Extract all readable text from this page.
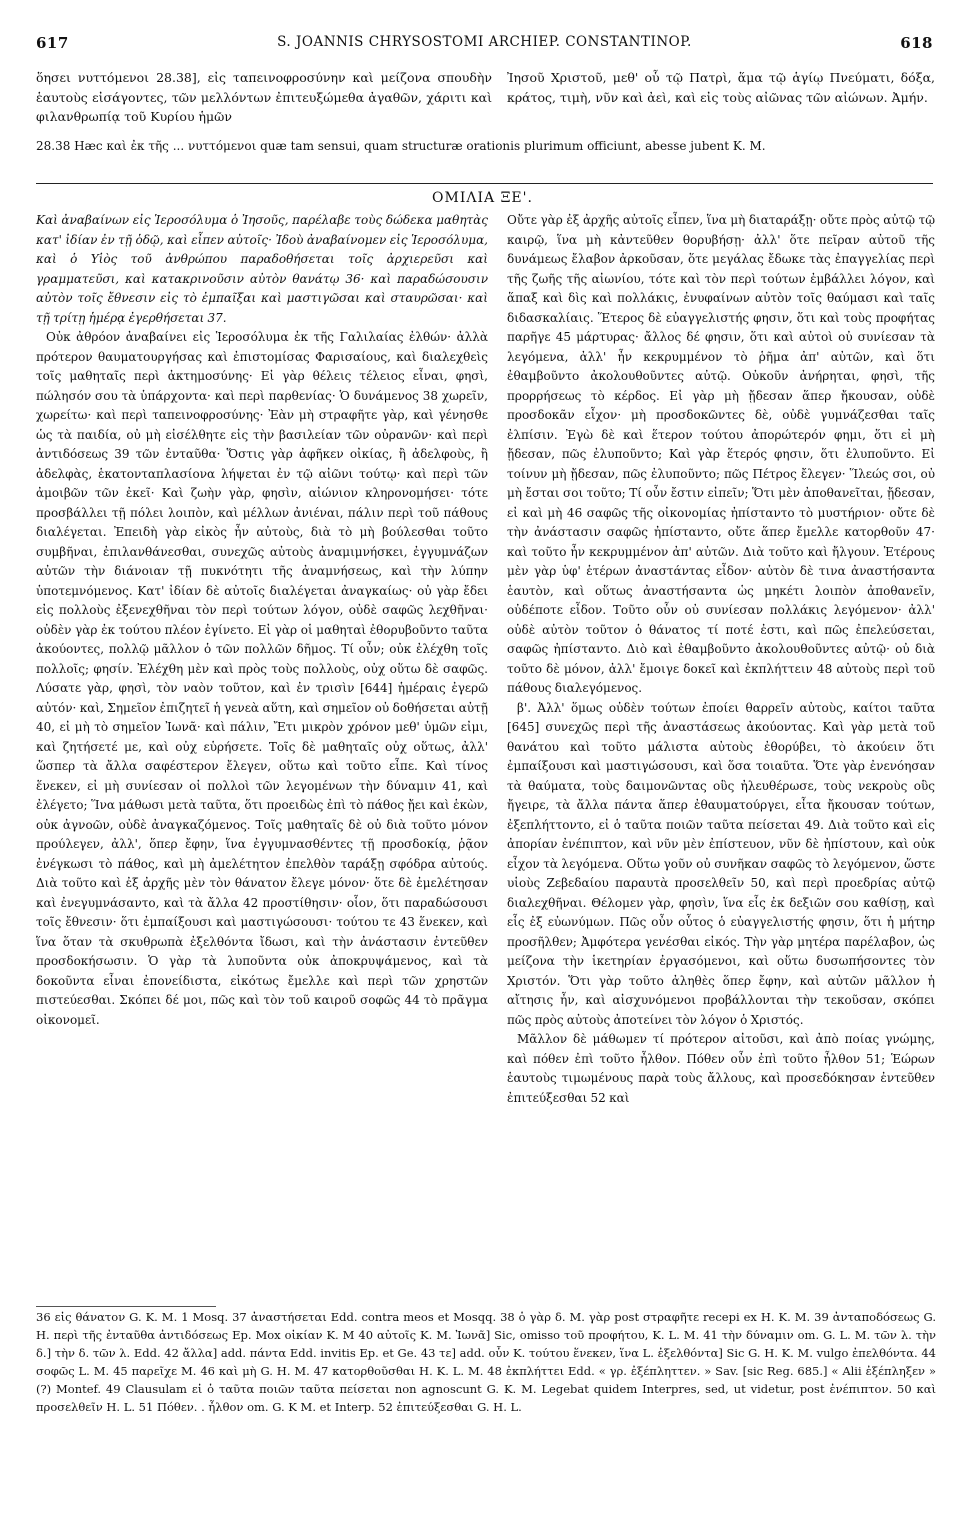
617	S. JOANNIS CHRYSOSTOMI ARCHIEP. CONSTANTINOP.	618
ὅησει νυττόμενοι 28.38], εἰς ταπεινοφροσύνην καὶ μείζονα σπουδὴν ἑαυτοὺς εἰσάγοντες, τῶν μελλόντων ἐπιτευξώμεθα ἀγαθῶν, χάριτι καὶ φιλανθρωπίᾳ τοῦ Κυρίου ἡμῶν
Ἰησοῦ Χριστοῦ, μεθ' οὗ τῷ Πατρὶ, ἅμα τῷ ἁγίῳ Πνεύματι, δόξα, κράτος, τιμὴ, νῦν καὶ ἀεὶ, καὶ εἰς τοὺς αἰῶνας τῶν αἰώνων. Ἀμήν.
28.38 Hæc καὶ ἐκ τῆς ... νυττόμενοι quæ tam sensui, quam structuræ orationis plurimum officiunt, abesse jubent K. M.
ΟΜΙΛΙΑ ΞΕ'.

Καὶ ἀναβαίνων εἰς Ἱεροσόλυμα ὁ Ἰησοῦς, παρέλαβε τοὺς δώδεκα μαθητὰς κατ' ἰδίαν ἐν τῇ ὁδῷ, καὶ εἶπεν αὐτοῖς· Ἰδοὺ ἀναβαίνομεν εἰς Ἱεροσόλυμα, καὶ ὁ Υἱὸς τοῦ ἀνθρώπου παραδοθήσεται τοῖς ἀρχιερεῦσι καὶ γραμματεῦσι, καὶ κατακρινοῦσιν αὐτὸν θανάτῳ 36· καὶ παραδώσουσιν αὐτὸν τοῖς ἔθνεσιν εἰς τὸ ἐμπαῖξαι καὶ μαστιγῶσαι καὶ σταυρῶσαι· καὶ τῇ τρίτῃ ἡμέρᾳ ἐγερθήσεται 37.

Οὐκ ἀθρόον ἀναβαίνει εἰς Ἱεροσόλυμα ἐκ τῆς Γαλιλαίας ἐλθών· ἀλλὰ πρότερον θαυματουργήσας καὶ ἐπιστομίσας Φαρισαίους, καὶ διαλεχθεὶς τοῖς μαθηταῖς περὶ ἀκτημοσύνης· Εἰ γὰρ θέλεις τέλειος εἶναι, φησὶ, πώλησόν σου τὰ ὑπάρχοντα· καὶ περὶ παρθενίας· Ὁ δυνάμενος 38 χωρεῖν, χωρείτω· καὶ περὶ ταπεινοφροσύνης· Ἐὰν μὴ στραφῆτε γὰρ, καὶ γένησθε ὡς τὰ παιδία, οὐ μὴ εἰσέλθητε εἰς τὴν βασιλείαν τῶν οὐρανῶν· καὶ περὶ ἀντιδόσεως 39 τῶν ἐνταῦθα· Ὅστις γὰρ ἀφῆκεν οἰκίας, ἢ ἀδελφοὺς, ἢ ἀδελφὰς, ἑκατονταπλασίονα λήψεται ἐν τῷ αἰῶνι τούτῳ· καὶ περὶ τῶν ἀμοιβῶν τῶν ἐκεῖ· Καὶ ζωὴν γὰρ, φησὶν, αἰώνιον κληρονομήσει· τότε προσβάλλει τῇ πόλει λοιπὸν, καὶ μέλλων ἀνιέναι, πάλιν περὶ τοῦ πάθους διαλέγεται. Ἐπειδὴ γὰρ εἰκὸς ἦν αὐτοὺς, διὰ τὸ μὴ βούλεσθαι τοῦτο συμβῆναι, ἐπιλανθάνεσθαι, συνεχῶς αὐτοὺς ἀναμιμνήσκει, ἐγγυμνάζων αὐτῶν τὴν διάνοιαν τῇ πυκνότητι τῆς ἀναμνήσεως, καὶ τὴν λύπην ὑποτεμνόμενος. Κατ' ἰδίαν δὲ αὐτοῖς διαλέγεται ἀναγκαίως· οὐ γὰρ ἔδει εἰς πολλοὺς ἐξενεχθῆναι τὸν περὶ τούτων λόγον, οὐδὲ σαφῶς λεχθῆναι· οὐδὲν γὰρ ἐκ τούτου πλέον ἐγίνετο. Εἰ γὰρ οἱ μαθηταὶ ἐθορυβοῦντο ταῦτα ἀκούοντες, πολλῷ μᾶλλον ὁ τῶν πολλῶν δῆμος. Τί οὖν; οὐκ ἐλέχθη τοῖς πολλοῖς; φησίν. Ἐλέχθη μὲν καὶ πρὸς τοὺς πολλοὺς, οὐχ οὕτω δὲ σαφῶς. Λύσατε γὰρ, φησὶ, τὸν ναὸν τοῦτον, καὶ ἐν τρισὶν [644] ἡμέραις ἐγερῶ αὐτόν· καὶ, Σημεῖον ἐπιζητεῖ ἡ γενεὰ αὕτη, καὶ σημεῖον οὐ δοθήσεται αὐτῇ 40, εἰ μὴ τὸ σημεῖον Ἰωνᾶ· καὶ πάλιν, Ἔτι μικρὸν χρόνον μεθ' ὑμῶν εἰμι, καὶ ζητήσετέ με, καὶ οὐχ εὑρήσετε. Τοῖς δὲ μαθηταῖς οὐχ οὕτως, ἀλλ' ὥσπερ τὰ ἄλλα σαφέστερον ἔλεγεν, οὕτω καὶ τοῦτο εἶπε. Καὶ τίνος ἕνεκεν, εἰ μὴ συνίεσαν οἱ πολλοὶ τῶν λεγομένων τὴν δύναμιν 41, καὶ ἐλέγετο; Ἵνα μάθωσι μετὰ ταῦτα, ὅτι προειδὼς ἐπὶ τὸ πάθος ᾔει καὶ ἑκὼν, οὐκ ἀγνοῶν, οὐδὲ ἀναγκαζόμενος. Τοῖς μαθηταῖς δὲ οὐ διὰ τοῦτο μόνον προύλεγεν, ἀλλ', ὅπερ ἔφην, ἵνα ἐγγυμνασθέντες τῇ προσδοκίᾳ, ῥᾷον ἐνέγκωσι τὸ πάθος, καὶ μὴ ἀμελέτητον ἐπελθὸν ταράξῃ σφόδρα αὐτούς. Διὰ τοῦτο καὶ ἐξ ἀρχῆς μὲν τὸν θάνατον ἔλεγε μόνον· ὅτε δὲ ἐμελέτησαν καὶ ἐνεγυμνάσαντο, καὶ τὰ ἄλλα 42 προστίθησιν· οἷον, ὅτι παραδώσουσι τοῖς ἔθνεσιν· ὅτι ἐμπαίξουσι καὶ μαστιγώσουσι· τούτου τε 43 ἕνεκεν, καὶ ἵνα ὅταν τὰ σκυθρωπὰ ἐξελθόντα ἴδωσι, καὶ τὴν ἀνάστασιν ἐντεῦθεν προσδοκήσωσιν. Ὁ γὰρ τὰ λυποῦντα οὐκ ἀποκρυψάμενος, καὶ τὰ δοκοῦντα εἶναι ἐπονείδιστα, εἰκότως ἔμελλε καὶ περὶ τῶν χρηστῶν πιστεύεσθαι. Σκόπει δέ μοι, πῶς καὶ τὸν τοῦ καιροῦ σοφῶς 44 τὸ πρᾶγμα οἰκονομεῖ.

Οὔτε γὰρ ἐξ ἀρχῆς αὐτοῖς εἶπεν, ἵνα μὴ διαταράξῃ· οὔτε πρὸς αὐτῷ τῷ καιρῷ, ἵνα μὴ κἀντεῦθεν θορυβήσῃ· ἀλλ' ὅτε πεῖραν αὐτοῦ τῆς δυνάμεως ἔλαβον ἀρκοῦσαν, ὅτε μεγάλας ἔδωκε τὰς ἐπαγγελίας περὶ τῆς ζωῆς τῆς αἰωνίου, τότε καὶ τὸν περὶ τούτων ἐμβάλλει λόγον, καὶ ἅπαξ καὶ δὶς καὶ πολλάκις, ἐνυφαίνων αὐτὸν τοῖς θαύμασι καὶ ταῖς διδασκαλίαις. Ἕτερος δὲ εὐαγγελιστής φησιν, ὅτι καὶ τοὺς προφήτας παρῆγε 45 μάρτυρας· ἄλλος δέ φησιν, ὅτι καὶ αὐτοὶ οὐ συνίεσαν τὰ λεγόμενα, ἀλλ' ἦν κεκρυμμένον τὸ ῥῆμα ἀπ' αὐτῶν, καὶ ὅτι ἐθαμβοῦντο ἀκολουθοῦντες αὐτῷ. Οὐκοῦν ἀνήρηται, φησὶ, τῆς προρρήσεως τὸ κέρδος. Εἰ γὰρ μὴ ᾔδεσαν ἅπερ ἤκουσαν, οὐδὲ προσδοκᾶν εἶχον· μὴ προσδοκῶντες δὲ, οὐδὲ γυμνάζεσθαι ταῖς ἐλπίσιν. Ἐγὼ δὲ καὶ ἕτερον τούτου ἀπορώτερόν φημι, ὅτι εἰ μὴ ᾔδεσαν, πῶς ἐλυποῦντο; Καὶ γὰρ ἕτερός φησιν, ὅτι ἐλυποῦντο. Εἰ τοίνυν μὴ ᾔδεσαν, πῶς ἐλυποῦντο; πῶς Πέτρος ἔλεγεν· Ἵλεώς σοι, οὐ μὴ ἔσται σοι τοῦτο; Τί οὖν ἔστιν εἰπεῖν; Ὅτι μὲν ἀποθανεῖται, ᾔδεσαν, εἰ καὶ μὴ 46 σαφῶς τῆς οἰκονομίας ἠπίσταντο τὸ μυστήριον· οὔτε δὲ τὴν ἀνάστασιν σαφῶς ἠπίσταντο, οὔτε ἅπερ ἔμελλε κατορθοῦν 47· καὶ τοῦτο ἦν κεκρυμμένον ἀπ' αὐτῶν. Διὰ τοῦτο καὶ ἤλγουν. Ἑτέρους μὲν γὰρ ὑφ' ἑτέρων ἀναστάντας εἶδον· αὐτὸν δὲ τινα ἀναστήσαντα ἑαυτὸν, καὶ οὕτως ἀναστήσαντα ὡς μηκέτι λοιπὸν ἀποθανεῖν, οὐδέποτε εἶδον. Τοῦτο οὖν οὐ συνίεσαν πολλάκις λεγόμενον· ἀλλ' οὐδὲ αὐτὸν τοῦτον ὁ θάνατος τί ποτέ ἐστι, καὶ πῶς ἐπελεύσεται, σαφῶς ἠπίσταντο. Διὸ καὶ ἐθαμβοῦντο ἀκολουθοῦντες αὐτῷ· οὐ διὰ τοῦτο δὲ μόνον, ἀλλ' ἔμοιγε δοκεῖ καὶ ἐκπλήττειν 48 αὐτοὺς περὶ τοῦ πάθους διαλεγόμενος.

β'. Ἀλλ' ὅμως οὐδὲν τούτων ἐποίει θαρρεῖν αὐτοὺς, καίτοι ταῦτα [645] συνεχῶς περὶ τῆς ἀναστάσεως ἀκούοντας. Καὶ γὰρ μετὰ τοῦ θανάτου καὶ τοῦτο μάλιστα αὐτοὺς ἐθορύβει, τὸ ἀκούειν ὅτι ἐμπαίξουσι καὶ μαστιγώσουσι, καὶ ὅσα τοιαῦτα. Ὅτε γὰρ ἐνενόησαν τὰ θαύματα, τοὺς δαιμονῶντας οὓς ἠλευθέρωσε, τοὺς νεκροὺς οὓς ἤγειρε, τὰ ἄλλα πάντα ἅπερ ἐθαυματούργει, εἶτα ἤκουσαν τούτων, ἐξεπλήττοντο, εἰ ὁ ταῦτα ποιῶν ταῦτα πείσεται 49. Διὰ τοῦτο καὶ εἰς ἀπορίαν ἐνέπιπτον, καὶ νῦν μὲν ἐπίστευον, νῦν δὲ ἠπίστουν, καὶ οὐκ εἶχον τὰ λεγόμενα. Οὕτω γοῦν οὐ συνῆκαν σαφῶς τὸ λεγόμενον, ὥστε υἱοὺς Ζεβεδαίου παραυτὰ προσελθεῖν 50, καὶ περὶ προεδρίας αὐτῷ διαλεχθῆναι. Θέλομεν γὰρ, φησὶν, ἵνα εἷς ἐκ δεξιῶν σου καθίσῃ, καὶ εἷς ἐξ εὐωνύμων. Πῶς οὖν οὗτος ὁ εὐαγγελιστής φησιν, ὅτι ἡ μήτηρ προσῆλθεν; Ἀμφότερα γενέσθαι εἰκός. Τὴν γὰρ μητέρα παρέλαβον, ὡς μείζονα τὴν ἱκετηρίαν ἐργασόμενοι, καὶ οὕτω δυσωπήσοντες τὸν Χριστόν. Ὅτι γὰρ τοῦτο ἀληθὲς ὅπερ ἔφην, καὶ αὐτῶν μᾶλλον ἡ αἴτησις ἦν, καὶ αἰσχυνόμενοι προβάλλονται τὴν τεκοῦσαν, σκόπει πῶς πρὸς αὐτοὺς ἀποτείνει τὸν λόγον ὁ Χριστός.

Μᾶλλον δὲ μάθωμεν τί πρότερον αἰτοῦσι, καὶ ἀπὸ ποίας γνώμης, καὶ πόθεν ἐπὶ τοῦτο ἦλθον. Πόθεν οὖν ἐπὶ τοῦτο ἦλθον 51; Ἑώρων ἑαυτοὺς τιμωμένους παρὰ τοὺς ἄλλους, καὶ προσεδόκησαν ἐντεῦθεν ἐπιτεύξεσθαι 52 καὶ

36 εἰς θάνατον G. K. M. 1 Mosq. 37 ἀναστήσεται Edd. contra meos et Mosqq. 38 ὁ γὰρ δ. M. γὰρ post στραφῆτε recepi ex H. K. M. 39 ἀνταποδόσεως G. H. περὶ τῆς ἐνταῦθα ἀντιδόσεως Ep. Mox οἰκίαν K. M 40 αὐτοῖς K. M. Ἰωνᾶ] Sic, omisso τοῦ προφήτου, K. L. M. 41 τὴν δύναμιν om. G. L. M. τῶν λ. τὴν δ.] τὴν δ. τῶν λ. Edd. 42 ἄλλα] add. πάντα Edd. invitis Ep. et Ge. 43 τε] add. οὖν K. τούτου ἕνεκεν, ἵνα L. ἐξελθόντα] Sic G. H. K. M. vulgo ἐπελθόντα. 44 σοφῶς L. M. 45 παρεῖχε M. 46 καὶ μὴ G. H. M. 47 κατορθοῦσθαι H. K. L. M. 48 ἐκπλήττει Edd. « γρ. ἐξέπληττεν. » Sav. [sic Reg. 685.] « Alii ἐξέπληξεν » (?) Montef. 49 Clausulam εἰ ὁ ταῦτα ποιῶν ταῦτα πείσεται non agnoscunt G. K. M. Legebat quidem Interpres, sed, ut videtur, post ἐνέπιπτον. 50 καὶ προσελθεῖν H. L. 51 Πόθεν. . ἦλθον om. G. K M. et Interp. 52 ἐπιτεύξεσθαι G. H. L.
